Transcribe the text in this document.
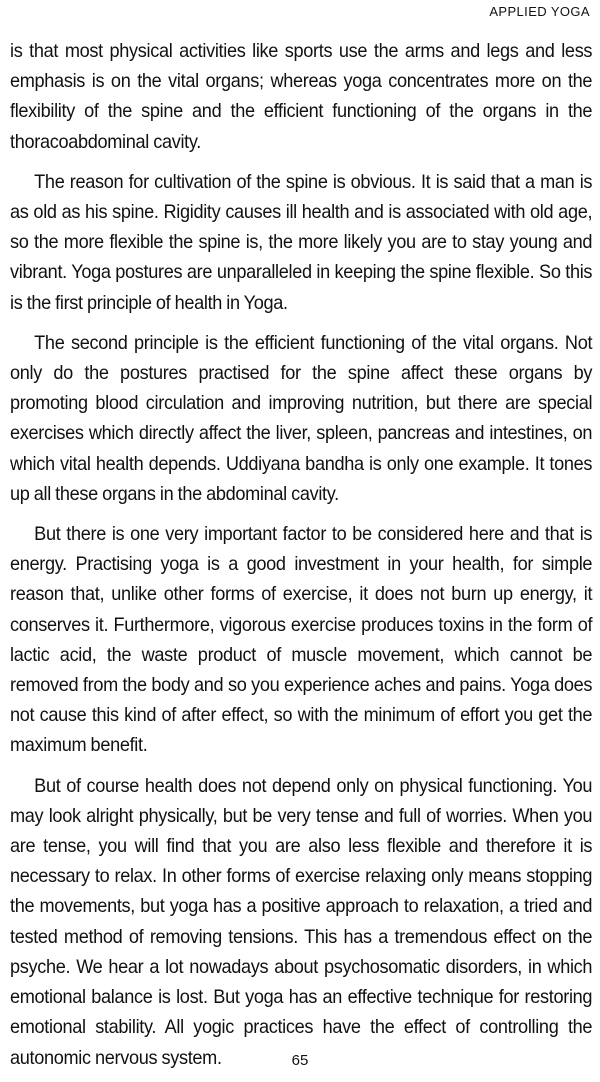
APPLIED YOGA

is that most physical activities like sports use the arms and legs and less emphasis is on the vital organs; whereas yoga concentrates more on the flexibility of the spine and the efficient functioning of the organs in the thoracoabdominal cavity.

The reason for cultivation of the spine is obvious. It is said that a man is as old as his spine. Rigidity causes ill health and is associated with old age, so the more flexible the spine is, the more likely you are to stay young and vibrant. Yoga postures are unparalleled in keeping the spine flexible. So this is the first principle of health in Yoga.

The second principle is the efficient functioning of the vital organs. Not only do the postures practised for the spine affect these organs by promoting blood circulation and improving nutrition, but there are special exercises which directly affect the liver, spleen, pancreas and intestines, on which vital health depends. Uddiyana bandha is only one example. It tones up all these organs in the abdominal cavity.

But there is one very important factor to be considered here and that is energy. Practising yoga is a good investment in your health, for simple reason that, unlike other forms of exercise, it does not burn up energy, it conserves it. Furthermore, vigorous exercise produces toxins in the form of lactic acid, the waste product of muscle movement, which cannot be removed from the body and so you experience aches and pains. Yoga does not cause this kind of after effect, so with the minimum of effort you get the maximum benefit.

But of course health does not depend only on physical functioning. You may look alright physically, but be very tense and full of worries. When you are tense, you will find that you are also less flexible and therefore it is necessary to relax. In other forms of exercise relaxing only means stopping the movements, but yoga has a positive approach to relaxation, a tried and tested method of removing tensions. This has a tremendous effect on the psyche. We hear a lot nowadays about psychosomatic disorders, in which emotional balance is lost. But yoga has an effective technique for restoring emotional stability. All yogic practices have the effect of controlling the autonomic nervous system.	65
